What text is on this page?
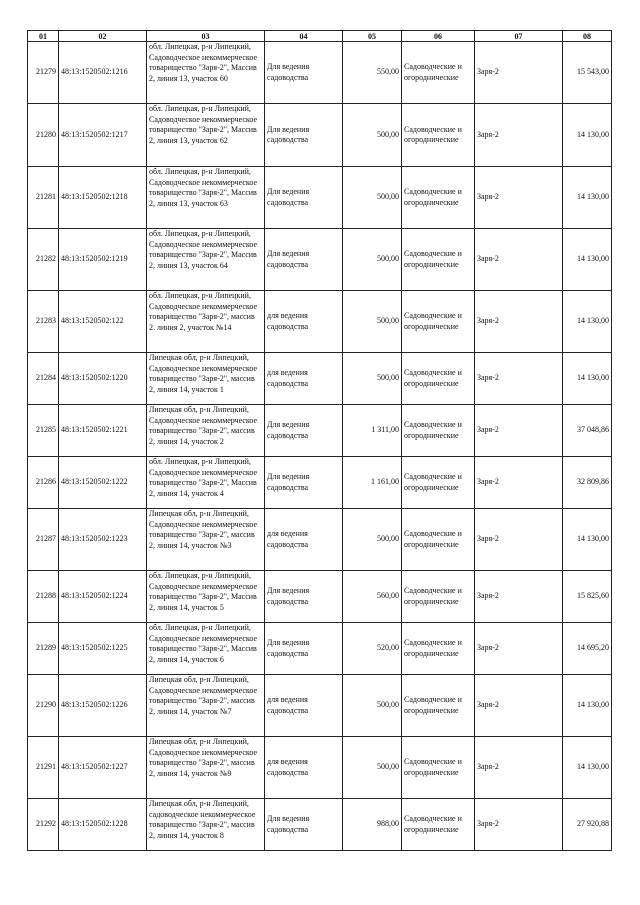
01	02	03	04	05	06	07	08
21279	48:13:1520502:1216	обл. Липецкая, р-н Липецкий, Садоводческое некоммерческое товарищество "Заря-2", Массив 2, линия 13, участок 60	Для ведения садоводства	550,00	Садоводческие и огороднические	Заря-2	15 543,00
21280	48:13:1520502:1217	обл. Липецкая, р-н Липецкий, Садоводческое некоммерческое товарищество "Заря-2", Массив 2, линия 13, участок 62	Для ведения садоводства	500,00	Садоводческие и огороднические	Заря-2	14 130,00
21281	48:13:1520502:1218	обл. Липецкая, р-н Липецкий, Садоводческое некоммерческое товарищество "Заря-2", Массив 2, линия 13, участок 63	Для ведения садоводства	500,00	Садоводческие и огороднические	Заря-2	14 130,00
21282	48:13:1520502:1219	обл. Липецкая, р-н Липецкий, Садоводческое некоммерческое товарищество "Заря-2", Массив 2, линия 13, участок 64	Для ведения садоводства	500,00	Садоводческие и огороднические	Заря-2	14 130,00
21283	48:13:1520502:122	обл. Липецкая, р-н Липецкий, Садоводческое некоммерческое товарищество "Заря-2", массив 2. линия 2, участок №14	для ведения садоводства	500,00	Садоводческие и огороднические	Заря-2	14 130,00
21284	48:13:1520502:1220	Липецкая обл, р-н Липецкий, Садоводческое некоммерческое товарищество "Заря-2", массив 2, линия 14, участок 1	для ведения садоводства	500,00	Садоводческие и огороднические	Заря-2	14 130,00
21285	48:13:1520502:1221	Липецкая обл, р-н Липецкий, Садоводческое некоммерческое товарищество "Заря-2", массив 2, линия 14, участок 2	Для ведения садоводства	1 311,00	Садоводческие и огороднические	Заря-2	37 048,86
21286	48:13:1520502:1222	обл. Липецкая, р-н Липецкий, Садоводческое некоммерческое товарищество "Заря-2", Массив 2, линия 14, участок 4	Для ведения садоводства	1 161,00	Садоводческие и огороднические	Заря-2	32 809,86
21287	48:13:1520502:1223	Липецкая обл, р-н Липецкий, Садоводческое некоммерческое товарищество "Заря-2", массив 2, линия 14, участок №3	для ведения садоводства	500,00	Садоводческие и огороднические	Заря-2	14 130,00
21288	48:13:1520502:1224	обл. Липецкая, р-н Липецкий, Садоводческое некоммерческое товарищество "Заря-2", Массив 2, линия 14, участок 5	Для ведения садоводства	560,00	Садоводческие и огороднические	Заря-2	15 825,60
21289	48:13:1520502:1225	обл. Липецкая, р-н Липецкий, Садоводческое некоммерческое товарищество "Заря-2", Массив 2, линия 14, участок 6	Для ведения садоводства	520,00	Садоводческие и огороднические	Заря-2	14 695,20
21290	48:13:1520502:1226	Липецкая обл, р-н Липецкий, Садоводческое некоммерческое товарищество "Заря-2", массив 2, линия 14, участок №7	для ведения садоводства	500,00	Садоводческие и огороднические	Заря-2	14 130,00
21291	48:13:1520502:1227	Липецкая обл, р-н Липецкий, Садоводческое некоммерческое товарищество "Заря-2", массив 2, линия 14, участок №9	для ведения садоводства	500,00	Садоводческие и огороднические	Заря-2	14 130,00
21292	48:13:1520502:1228	Липецкая обл, р-н Липецкий, садоводческое некоммерческое товарищество "Заря-2", массив 2, линия 14, участок 8	Для ведения садоводства	988,00	Садоводческие и огороднические	Заря-2	27 920,88
